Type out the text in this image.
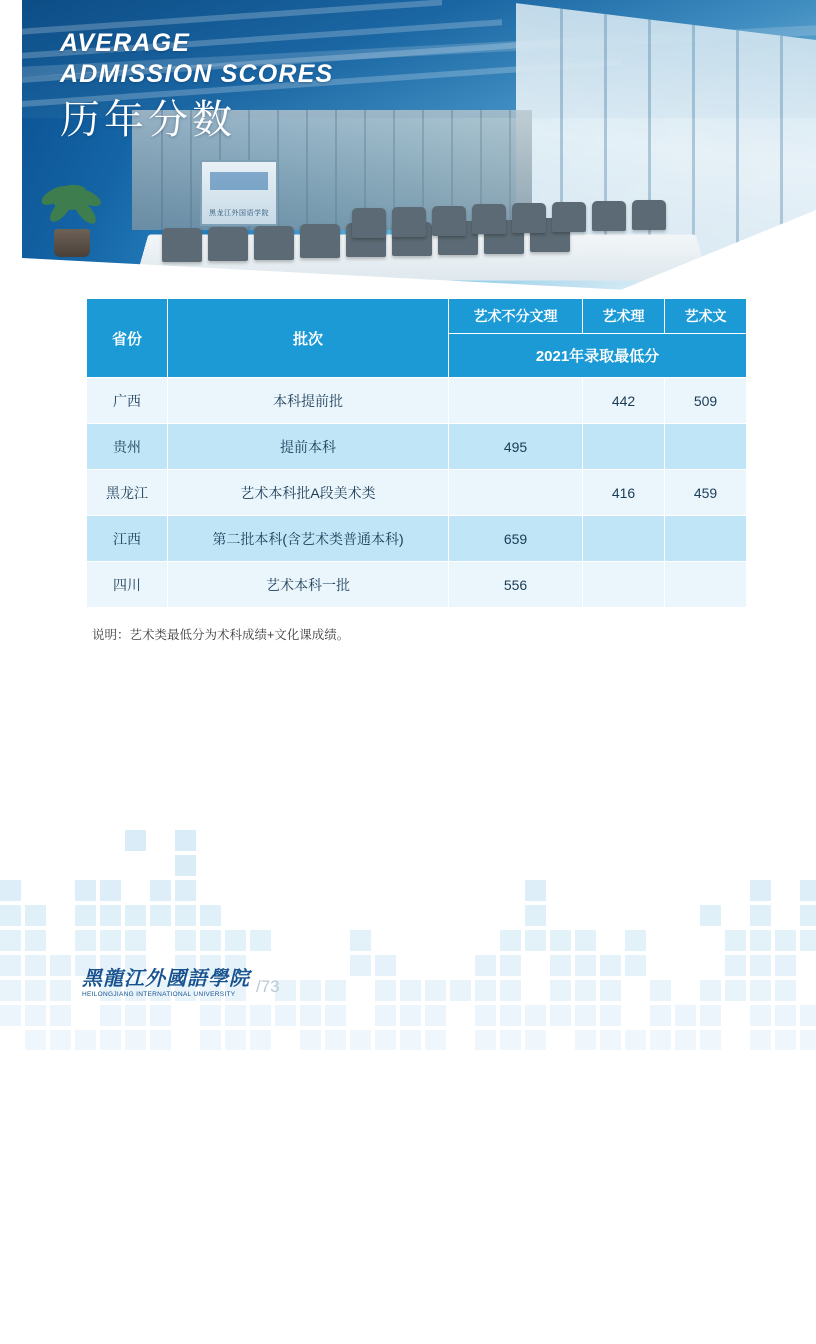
黑龙江外国语学院
AVERAGE
ADMISSION SCORES
历年分数
省份	批次	艺术不分文理	艺术理	艺术文
		2021年录取最低分		
广西	本科提前批		442	509
贵州	提前本科	495		
黑龙江	艺术本科批A段美术类		416	459
江西	第二批本科(含艺术类普通本科)	659		
四川	艺术本科一批	556		
说明：艺术类最低分为术科成绩+文化课成绩。
黑龍江外國語學院
HEILONGJIANG INTERNATIONAL UNIVERSITY	/73
